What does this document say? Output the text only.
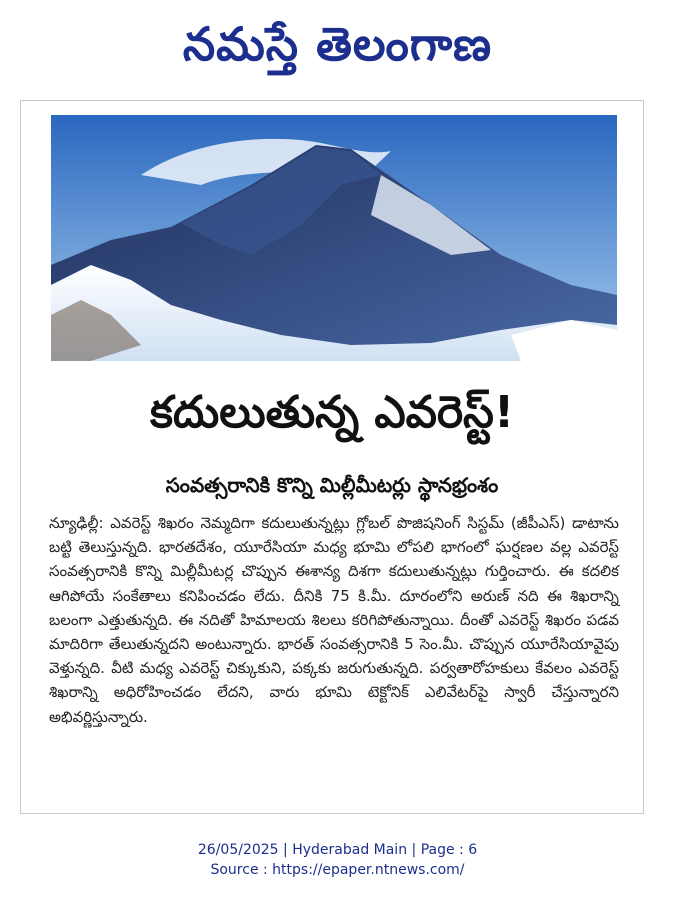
నమస్తే తెలంగాణ
కదులుతున్న ఎవరెస్ట్!
సంవత్సరానికి కొన్ని మిల్లీమీటర్లు స్థానభ్రంశం
న్యూఢిల్లీ: ఎవరెస్ట్ శిఖరం నెమ్మదిగా కదులుతున్నట్లు గ్లోబల్ పొజిషనింగ్ సిస్టమ్ (జీపీఎస్) డాటాను బట్టి తెలుస్తున్నది. భారతదేశం, యూరేసియా మధ్య భూమి లోపలి భాగంలో ఘర్షణల వల్ల ఎవరెస్ట్ సంవత్సరానికి కొన్ని మిల్లీమీటర్ల చొప్పున ఈశాన్య దిశగా కదులుతున్నట్లు గుర్తించారు. ఈ కదలిక ఆగిపోయే సంకేతాలు కనిపించడం లేదు. దీనికి 75 కి.మీ. దూరంలోని అరుణ్ నది ఈ శిఖరాన్ని బలంగా ఎత్తుతున్నది. ఈ నదితో హిమాలయ శిలలు కరిగిపోతున్నాయి. దీంతో ఎవరెస్ట్ శిఖరం పడవ మాదిరిగా తేలుతున్నదని అంటున్నారు. భారత్ సంవత్సరానికి 5 సెం.మీ. చొప్పున యూరేసియావైపు వెళ్తున్నది. వీటి మధ్య ఎవరెస్ట్ చిక్కుకుని, పక్కకు జరుగుతున్నది. పర్వతారోహకులు కేవలం ఎవరెస్ట్ శిఖరాన్ని అధిరోహించడం లేదని, వారు భూమి టెక్టోనిక్ ఎలివేటర్‌పై స్వారీ చేస్తున్నారని అభివర్ణిస్తున్నారు.
26/05/2025 | Hyderabad Main | Page : 6
Source : https://epaper.ntnews.com/
